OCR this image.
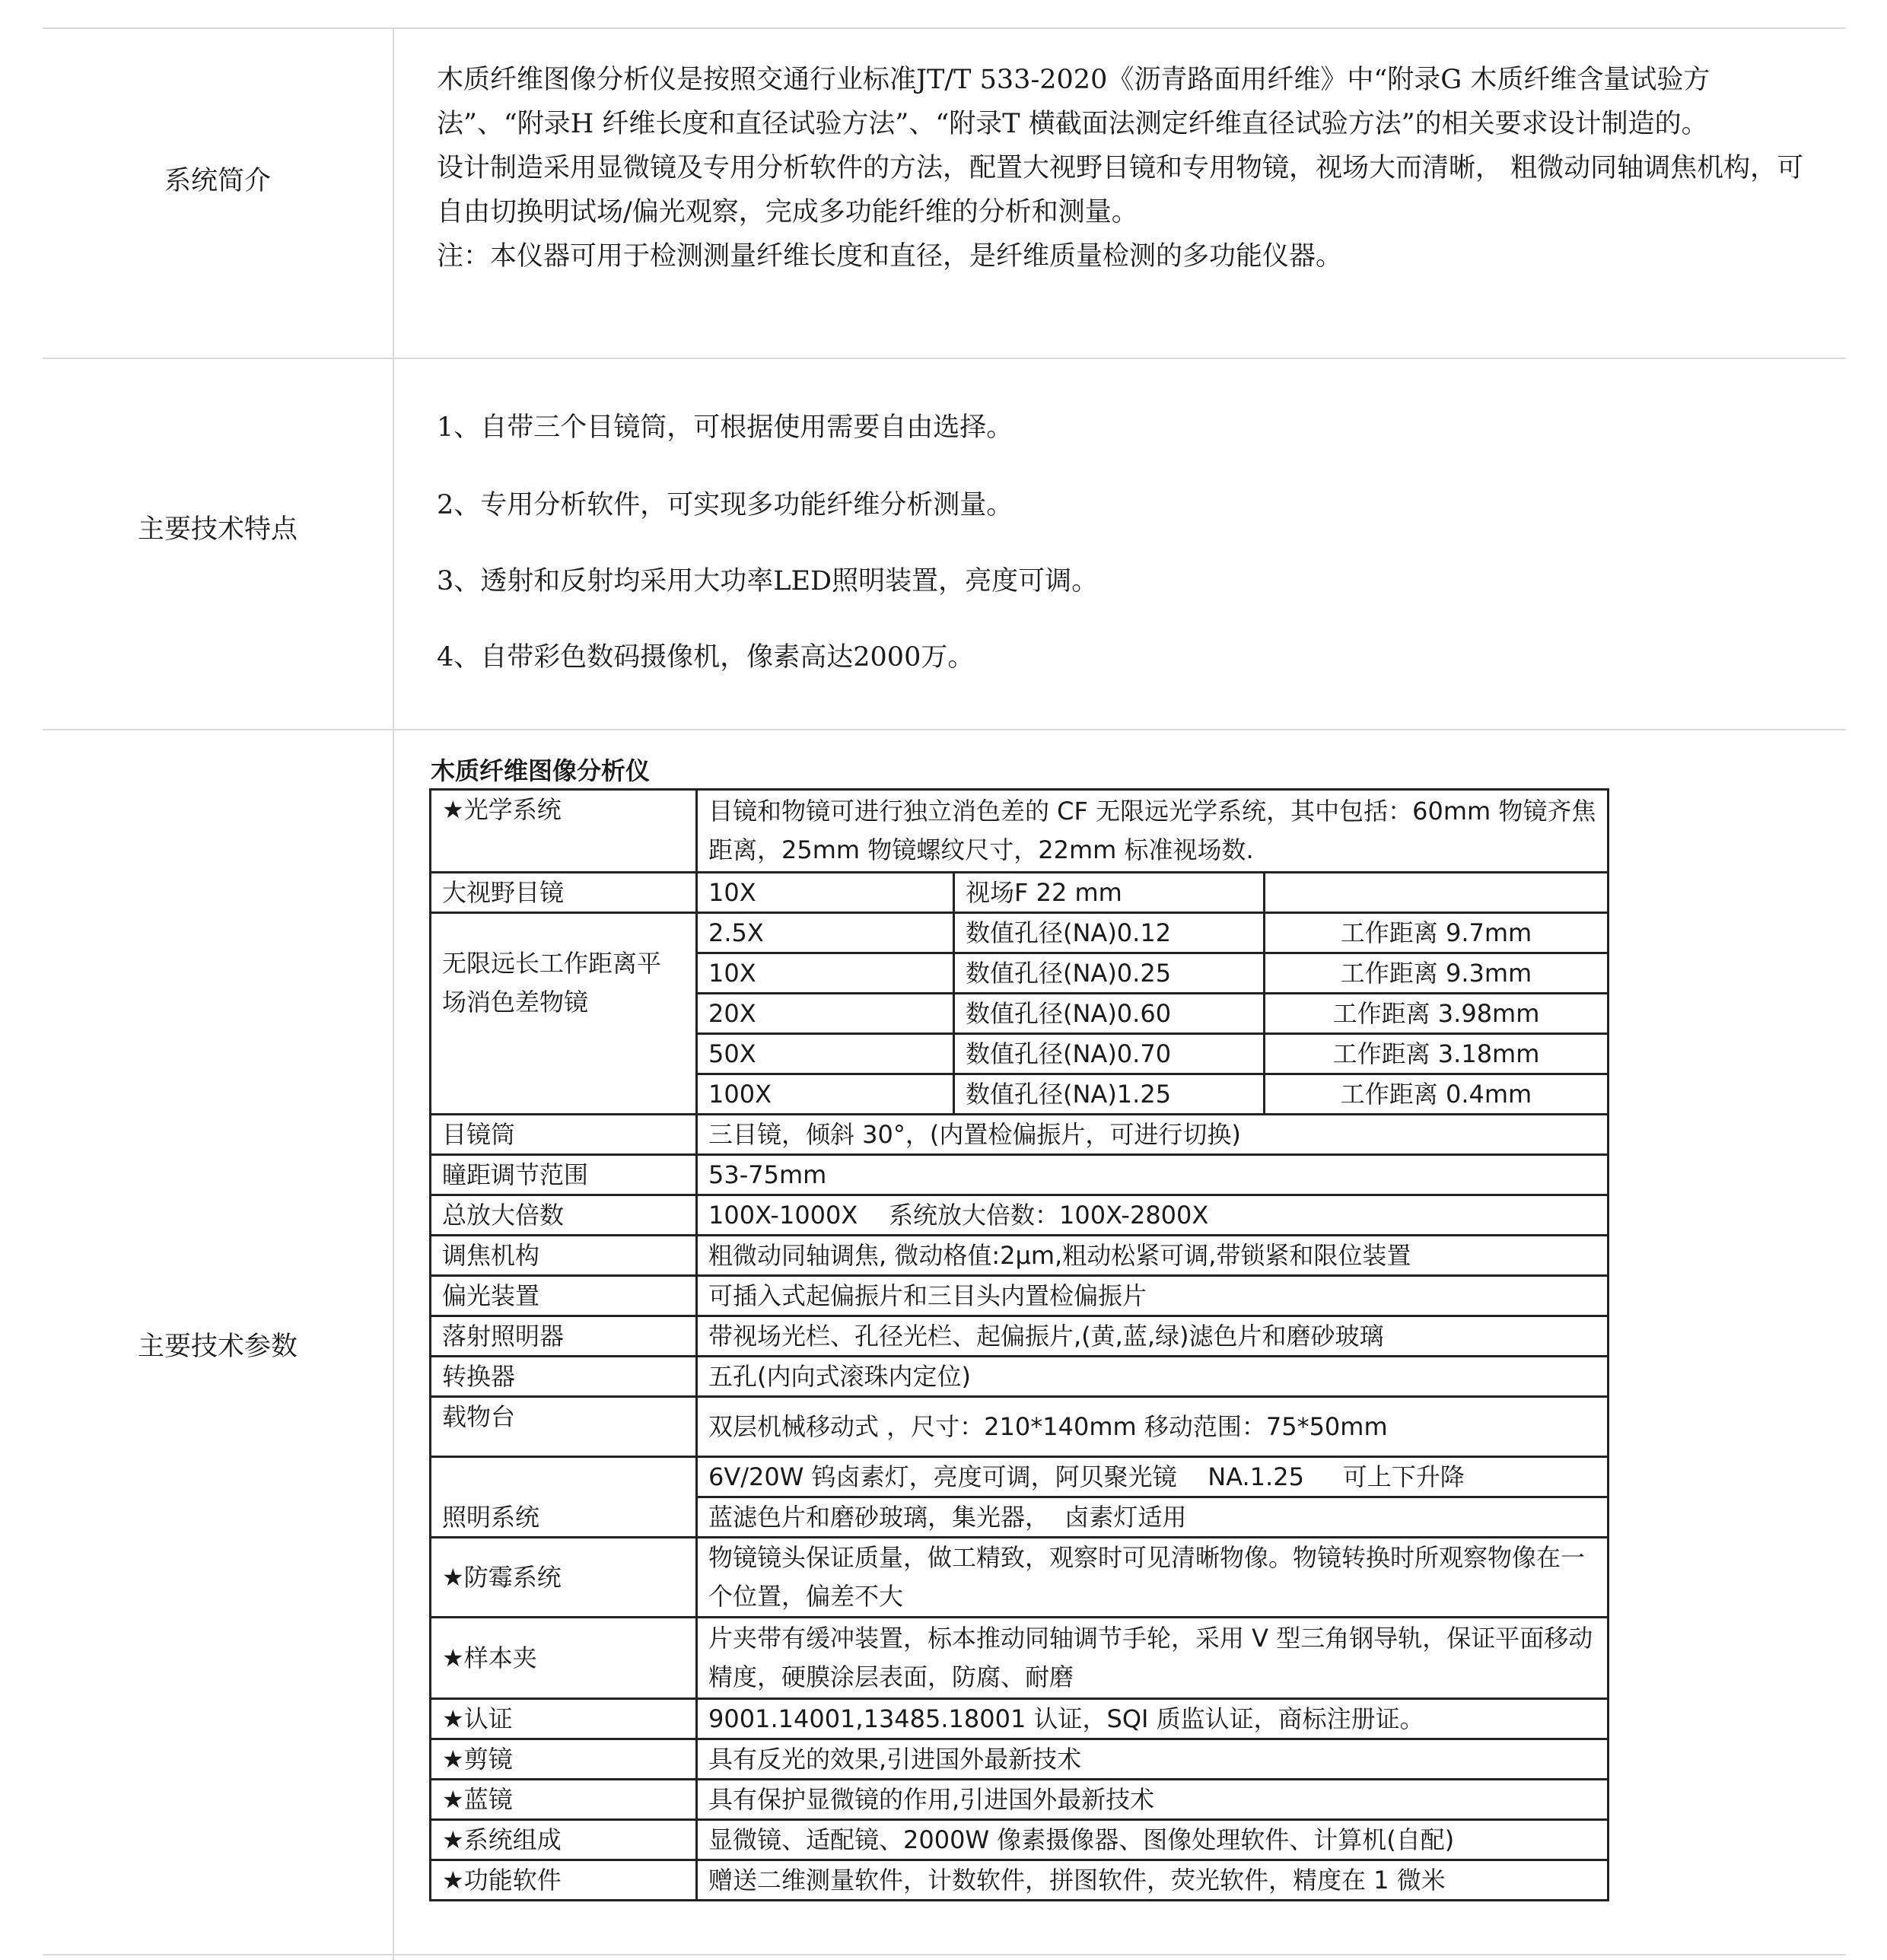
系统简介

木质纤维图像分析仪是按照交通行业标准JT/T 533-2020《沥青路面用纤维》中“附录G 木质纤维含量试验方法”、“附录H 纤维长度和直径试验方法”、“附录T 横截面法测定纤维直径试验方法”的相关要求设计制造的。

设计制造采用显微镜及专用分析软件的方法，配置大视野目镜和专用物镜，视场大而清晰， 粗微动同轴调焦机构，可自由切换明试场/偏光观察，完成多功能纤维的分析和测量。

注：本仪器可用于检测测量纤维长度和直径，是纤维质量检测的多功能仪器。

主要技术特点
1、自带三个目镜筒，可根据使用需要自由选择。
2、专用分析软件，可实现多功能纤维分析测量。
3、透射和反射均采用大功率LED照明装置，亮度可调。
4、自带彩色数码摄像机，像素高达2000万。
主要技术参数
木质纤维图像分析仪
★光学系统	目镜和物镜可进行独立消色差的 CF 无限远光学系统，其中包括：60mm 物镜齐焦距离，25mm 物镜螺纹尺寸，22mm 标准视场数.		
大视野目镜	10X	视场F 22 mm	
无限远长工作距离平场消色差物镜	2.5X	数值孔径(NA)0.12	工作距离 9.7mm
	10X	数值孔径(NA)0.25	工作距离 9.3mm
	20X	数值孔径(NA)0.60	工作距离 3.98mm
	50X	数值孔径(NA)0.70	工作距离 3.18mm
	100X	数值孔径(NA)1.25	工作距离 0.4mm
目镜筒	三目镜，倾斜 30°，(内置检偏振片，可进行切换)		
瞳距调节范围	53-75mm		
总放大倍数	100X-1000X    系统放大倍数：100X-2800X		
调焦机构	粗微动同轴调焦, 微动格值:2μm,粗动松紧可调,带锁紧和限位装置		
偏光装置	可插入式起偏振片和三目头内置检偏振片		
落射照明器	带视场光栏、孔径光栏、起偏振片,(黄,蓝,绿)滤色片和磨砂玻璃		
转换器	五孔(内向式滚珠内定位)		
载物台	双层机械移动式 ，尺寸：210*140mm 移动范围：75*50mm		
照明系统	6V/20W 钨卤素灯，亮度可调，阿贝聚光镜    NA.1.25     可上下升降		
	蓝滤色片和磨砂玻璃，集光器，  卤素灯适用		
★防霉系统	物镜镜头保证质量，做工精致，观察时可见清晰物像。物镜转换时所观察物像在一个位置，偏差不大		
★样本夹	片夹带有缓冲装置，标本推动同轴调节手轮，采用 V 型三角钢导轨，保证平面移动精度，硬膜涂层表面，防腐、耐磨		
★认证	9001.14001,13485.18001 认证，SQI 质监认证，商标注册证。		
★剪镜	具有反光的效果,引进国外最新技术		
★蓝镜	具有保护显微镜的作用,引进国外最新技术		
★系统组成	显微镜、适配镜、2000W 像素摄像器、图像处理软件、计算机(自配)		
★功能软件	赠送二维测量软件，计数软件，拼图软件，荧光软件，精度在 1 微米		
